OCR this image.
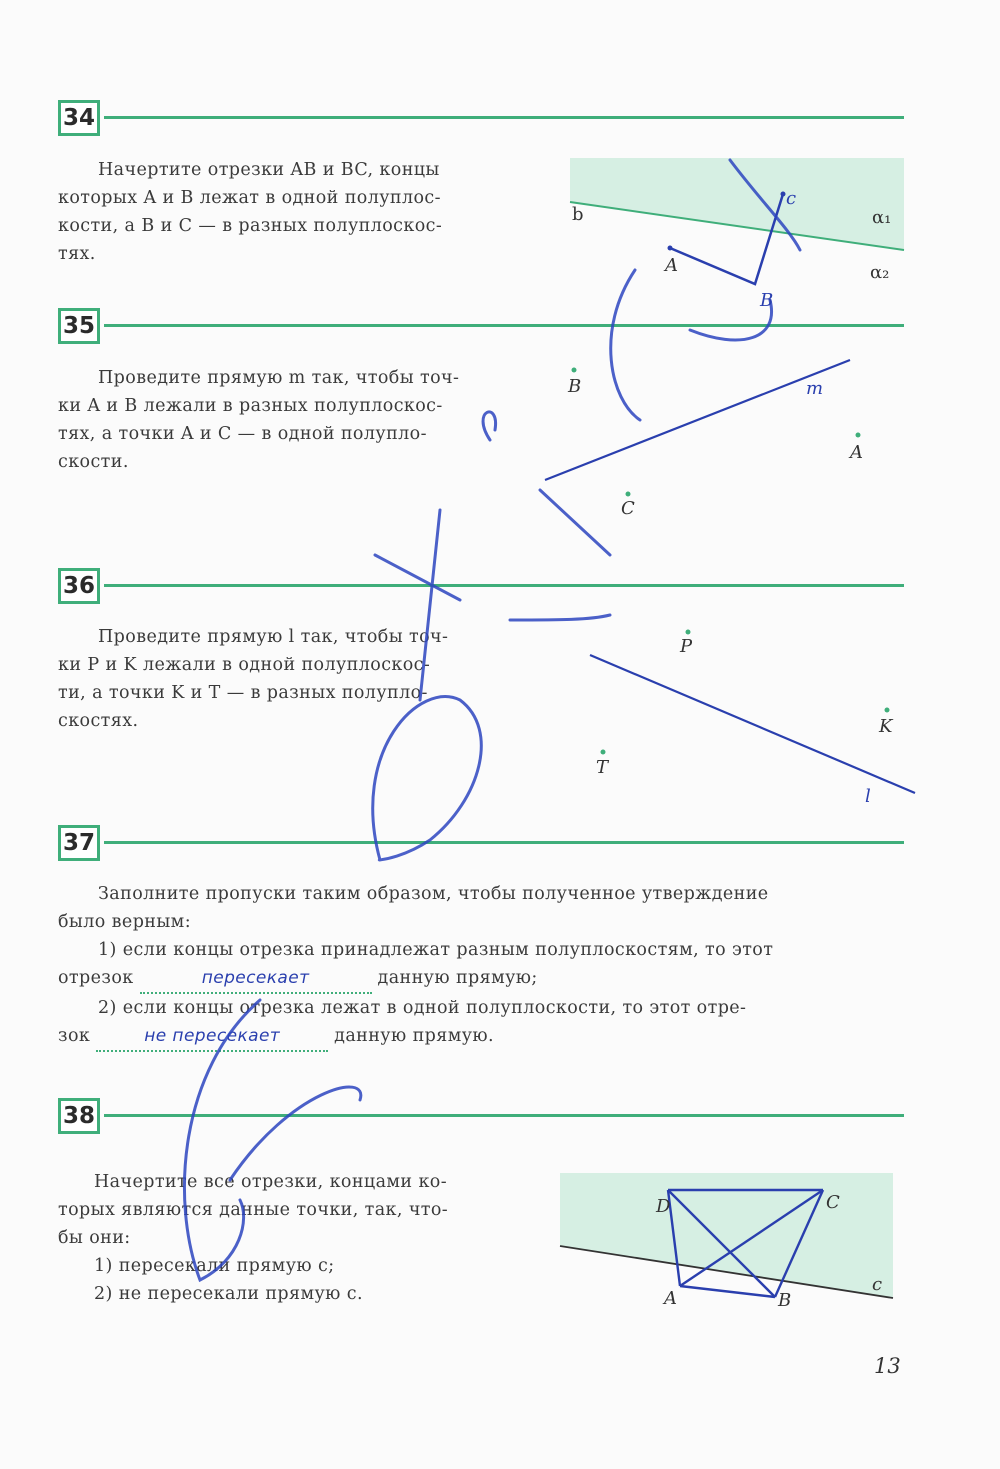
34

Начертите отрезки AB и BC, концы

которых A и B лежат в одной полуплос-

кости, а B и C — в разных полуплоскос-

тях.

35

Проведите прямую m так, чтобы точ-

ки A и B лежали в разных полуплоскос-

тях, а точки A и C — в одной полупло-

скости.

36

Проведите прямую l так, чтобы точ-

ки P и K лежали в одной полуплоскос-

ти, а точки K и T — в разных полупло-

скостях.

37

Заполните пропуски таким образом, чтобы полученное утверждение

было верным:

1) если концы отрезка принадлежат разным полуплоскостям, то этот

отрезок	пересекает	данную прямую;

2) если концы отрезка лежат в одной полуплоскости, то этот отре-

зок	не пересекает	данную прямую.

38

Начертите все отрезки, концами ко-

торых являются данные точки, так, что-

бы они:

1) пересекали прямую c;

2) не пересекали прямую c.

b	α₁
α₂
A
B
c
B
A
C
m
P
K
T
l
D	C
A	B
c
13
